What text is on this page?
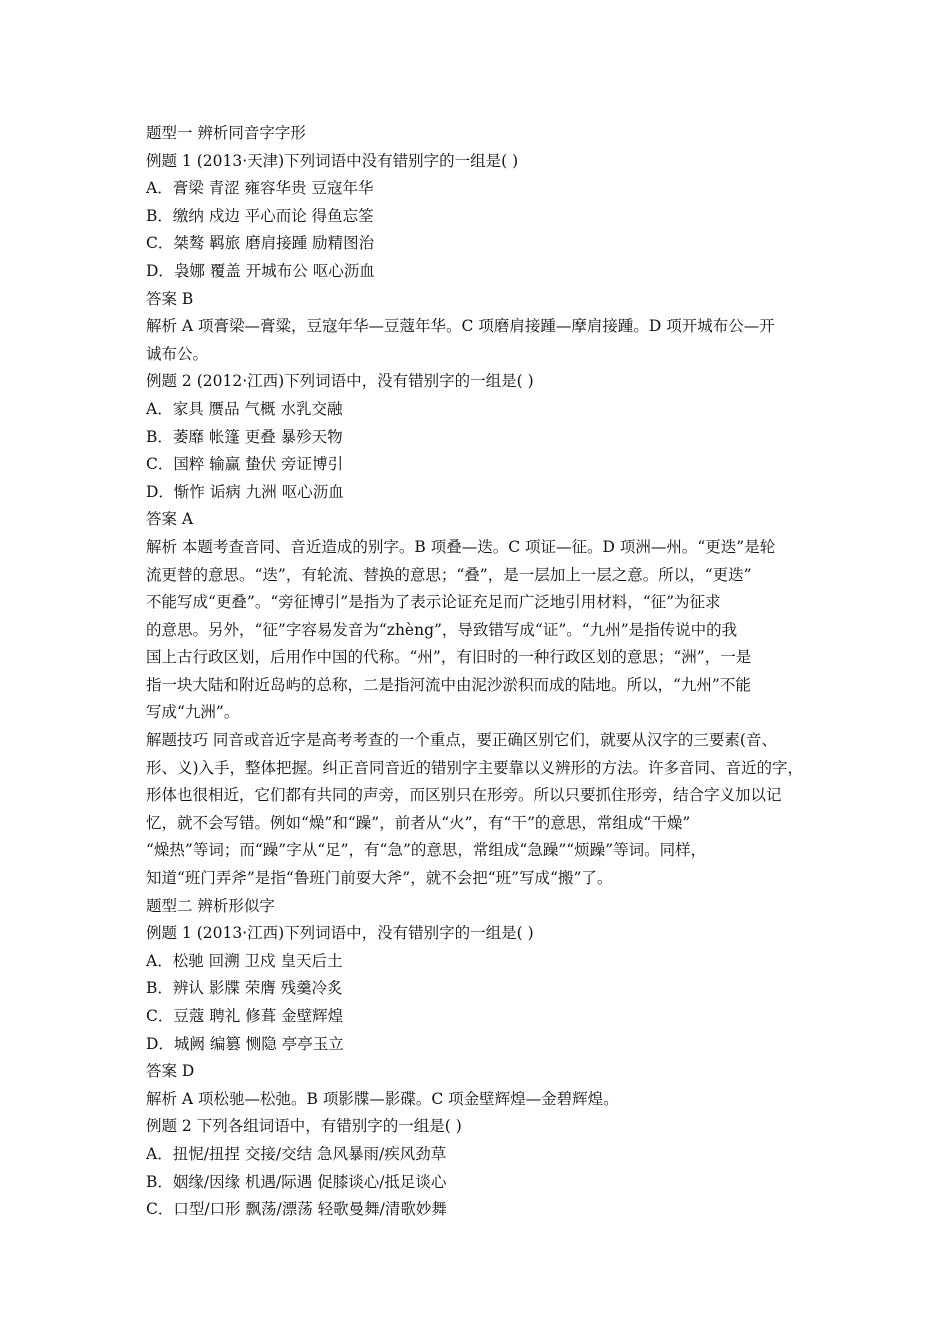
题型一 辨析同音字字形
例题 1 (2013·天津)下列词语中没有错别字的一组是( )
A．膏梁 青涩 雍容华贵 豆寇年华
B．缴纳 戍边 平心而论 得鱼忘筌
C．桀骜 羁旅 磨肩接踵 励精图治
D．袅娜 覆盖 开城布公 呕心沥血
答案 B
解析 A 项膏梁—膏粱，豆寇年华—豆蔻年华。C 项磨肩接踵—摩肩接踵。D 项开城布公—开
诚布公。
例题 2 (2012·江西)下列词语中，没有错别字的一组是( )
A．家具 赝品 气概 水乳交融
B．萎靡 帐篷 更叠 暴殄天物
C．国粹 输赢 蛰伏 旁证博引
D．惭怍 诟病 九洲 呕心沥血
答案 A
解析 本题考查音同、音近造成的别字。B 项叠—迭。C 项证—征。D 项洲—州。“更迭”是轮
流更替的意思。“迭”，有轮流、替换的意思；“叠”，是一层加上一层之意。所以，“更迭”
不能写成“更叠”。“旁征博引”是指为了表示论证充足而广泛地引用材料，“征”为征求
的意思。另外，“征”字容易发音为“zhèng”，导致错写成“证”。“九州”是指传说中的我
国上古行政区划，后用作中国的代称。“州”，有旧时的一种行政区划的意思；“洲”，一是
指一块大陆和附近岛屿的总称，二是指河流中由泥沙淤积而成的陆地。所以，“九州”不能
写成“九洲”。
解题技巧 同音或音近字是高考考查的一个重点，要正确区别它们，就要从汉字的三要素(音、
形、义)入手，整体把握。纠正音同音近的错别字主要靠以义辨形的方法。许多音同、音近的字，
形体也很相近，它们都有共同的声旁，而区别只在形旁。所以只要抓住形旁，结合字义加以记
忆，就不会写错。例如“燥”和“躁”，前者从“火”，有“干”的意思，常组成“干燥”
“燥热”等词；而“躁”字从“足”，有“急”的意思，常组成“急躁”“烦躁”等词。同样，
知道“班门弄斧”是指“鲁班门前耍大斧”，就不会把“班”写成“搬”了。
题型二 辨析形似字
例题 1 (2013·江西)下列词语中，没有错别字的一组是( )
A．松驰 回溯 卫戍 皇天后土
B．辨认 影牒 荣膺 残羹冷炙
C．豆蔻 聘礼 修葺 金壁辉煌
D．城阙 编篡 恻隐 亭亭玉立
答案 D
解析 A 项松驰—松弛。B 项影牒—影碟。C 项金壁辉煌—金碧辉煌。
例题 2 下列各组词语中，有错别字的一组是( )
A．扭怩/扭捏 交接/交结 急风暴雨/疾风劲草
B．姻缘/因缘 机遇/际遇 促膝谈心/抵足谈心
C．口型/口形 飘荡/漂荡 轻歌曼舞/清歌妙舞
